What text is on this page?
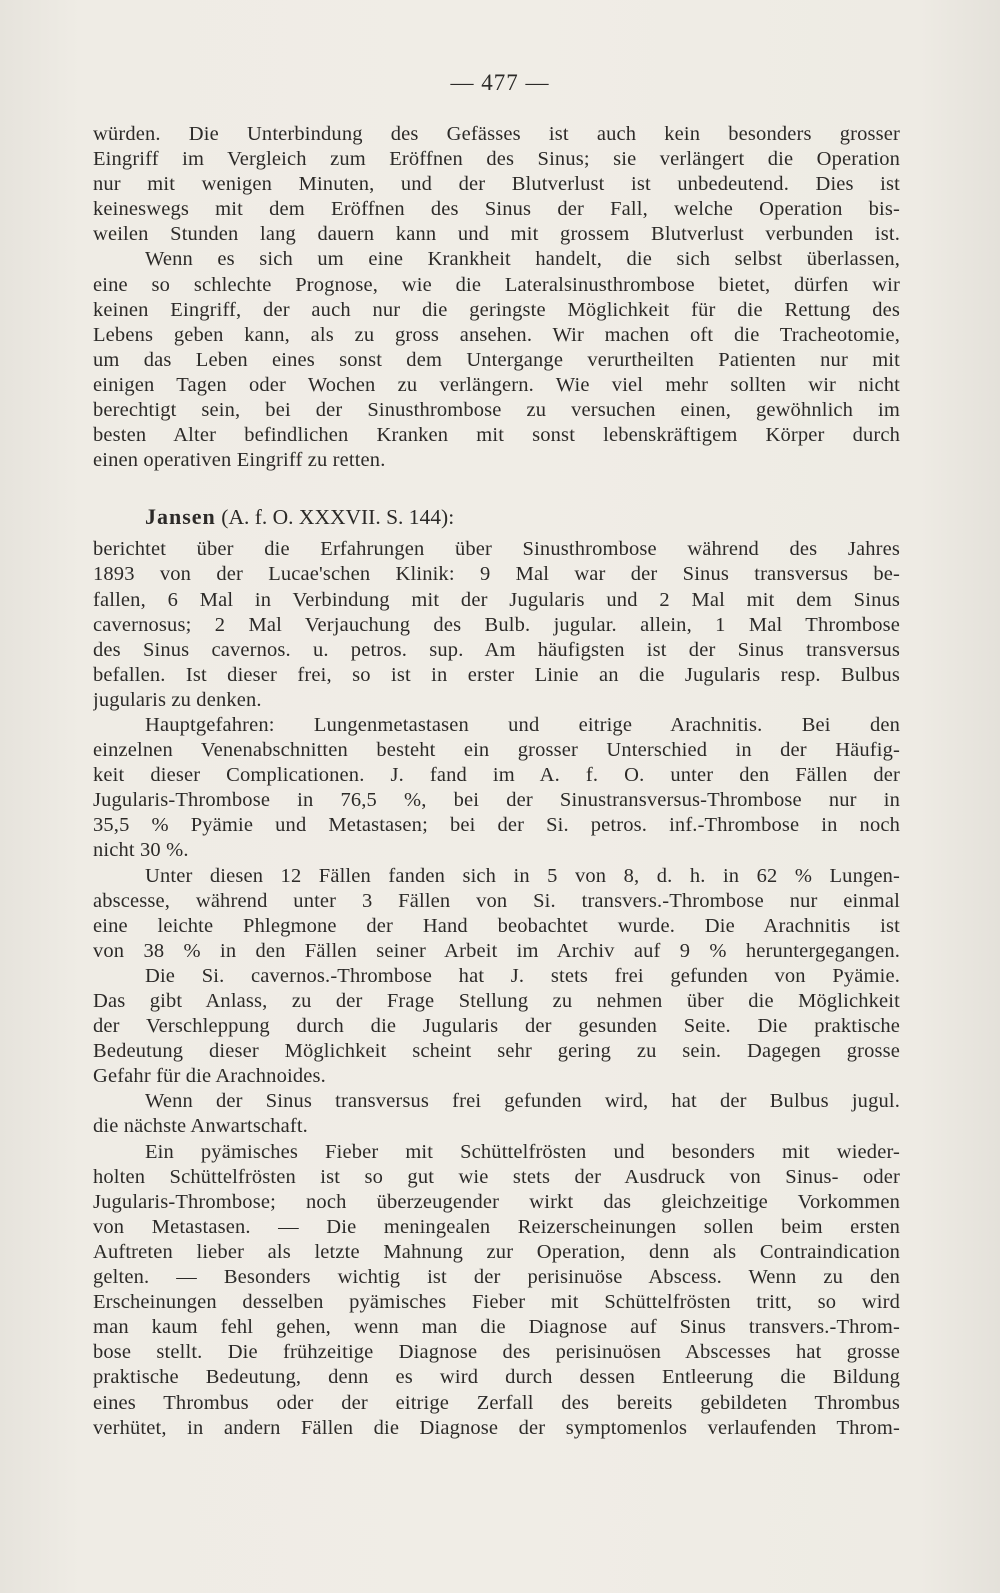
— 477 —
würden. Die Unterbindung des Gefässes ist auch kein besonders grosser
Eingriff im Vergleich zum Eröffnen des Sinus; sie verlängert die Operation
nur mit wenigen Minuten, und der Blutverlust ist unbedeutend. Dies ist
keineswegs mit dem Eröffnen des Sinus der Fall, welche Operation bis-
weilen Stunden lang dauern kann und mit grossem Blutverlust verbunden ist.
Wenn es sich um eine Krankheit handelt, die sich selbst überlassen,
eine so schlechte Prognose, wie die Lateralsinusthrombose bietet, dürfen wir
keinen Eingriff, der auch nur die geringste Möglichkeit für die Rettung des
Lebens geben kann, als zu gross ansehen. Wir machen oft die Tracheotomie,
um das Leben eines sonst dem Untergange verurtheilten Patienten nur mit
einigen Tagen oder Wochen zu verlängern. Wie viel mehr sollten wir nicht
berechtigt sein, bei der Sinusthrombose zu versuchen einen, gewöhnlich im
besten Alter befindlichen Kranken mit sonst lebenskräftigem Körper durch
einen operativen Eingriff zu retten.
Jansen (A. f. O. XXXVII. S. 144):
berichtet über die Erfahrungen über Sinusthrombose während des Jahres
1893 von der Lucae'schen Klinik: 9 Mal war der Sinus transversus be-
fallen, 6 Mal in Verbindung mit der Jugularis und 2 Mal mit dem Sinus
cavernosus; 2 Mal Verjauchung des Bulb. jugular. allein, 1 Mal Thrombose
des Sinus cavernos. u. petros. sup. Am häufigsten ist der Sinus transversus
befallen. Ist dieser frei, so ist in erster Linie an die Jugularis resp. Bulbus
jugularis zu denken.
Hauptgefahren: Lungenmetastasen und eitrige Arachnitis. Bei den
einzelnen Venenabschnitten besteht ein grosser Unterschied in der Häufig-
keit dieser Complicationen. J. fand im A. f. O. unter den Fällen der
Jugularis-Thrombose in 76,5 %, bei der Sinustransversus-Thrombose nur in
35,5 % Pyämie und Metastasen; bei der Si. petros. inf.-Thrombose in noch
nicht 30 %.
Unter diesen 12 Fällen fanden sich in 5 von 8, d. h. in 62 % Lungen-
abscesse, während unter 3 Fällen von Si. transvers.-Thrombose nur einmal
eine leichte Phlegmone der Hand beobachtet wurde. Die Arachnitis ist
von 38 % in den Fällen seiner Arbeit im Archiv auf 9 % heruntergegangen.
Die Si. cavernos.-Thrombose hat J. stets frei gefunden von Pyämie.
Das gibt Anlass, zu der Frage Stellung zu nehmen über die Möglichkeit
der Verschleppung durch die Jugularis der gesunden Seite. Die praktische
Bedeutung dieser Möglichkeit scheint sehr gering zu sein. Dagegen grosse
Gefahr für die Arachnoides.
Wenn der Sinus transversus frei gefunden wird, hat der Bulbus jugul.
die nächste Anwartschaft.
Ein pyämisches Fieber mit Schüttelfrösten und besonders mit wieder-
holten Schüttelfrösten ist so gut wie stets der Ausdruck von Sinus- oder
Jugularis-Thrombose; noch überzeugender wirkt das gleichzeitige Vorkommen
von Metastasen. — Die meningealen Reizerscheinungen sollen beim ersten
Auftreten lieber als letzte Mahnung zur Operation, denn als Contraindication
gelten. — Besonders wichtig ist der perisinuöse Abscess. Wenn zu den
Erscheinungen desselben pyämisches Fieber mit Schüttelfrösten tritt, so wird
man kaum fehl gehen, wenn man die Diagnose auf Sinus transvers.-Throm-
bose stellt. Die frühzeitige Diagnose des perisinuösen Abscesses hat grosse
praktische Bedeutung, denn es wird durch dessen Entleerung die Bildung
eines Thrombus oder der eitrige Zerfall des bereits gebildeten Thrombus
verhütet, in andern Fällen die Diagnose der symptomenlos verlaufenden Throm-
